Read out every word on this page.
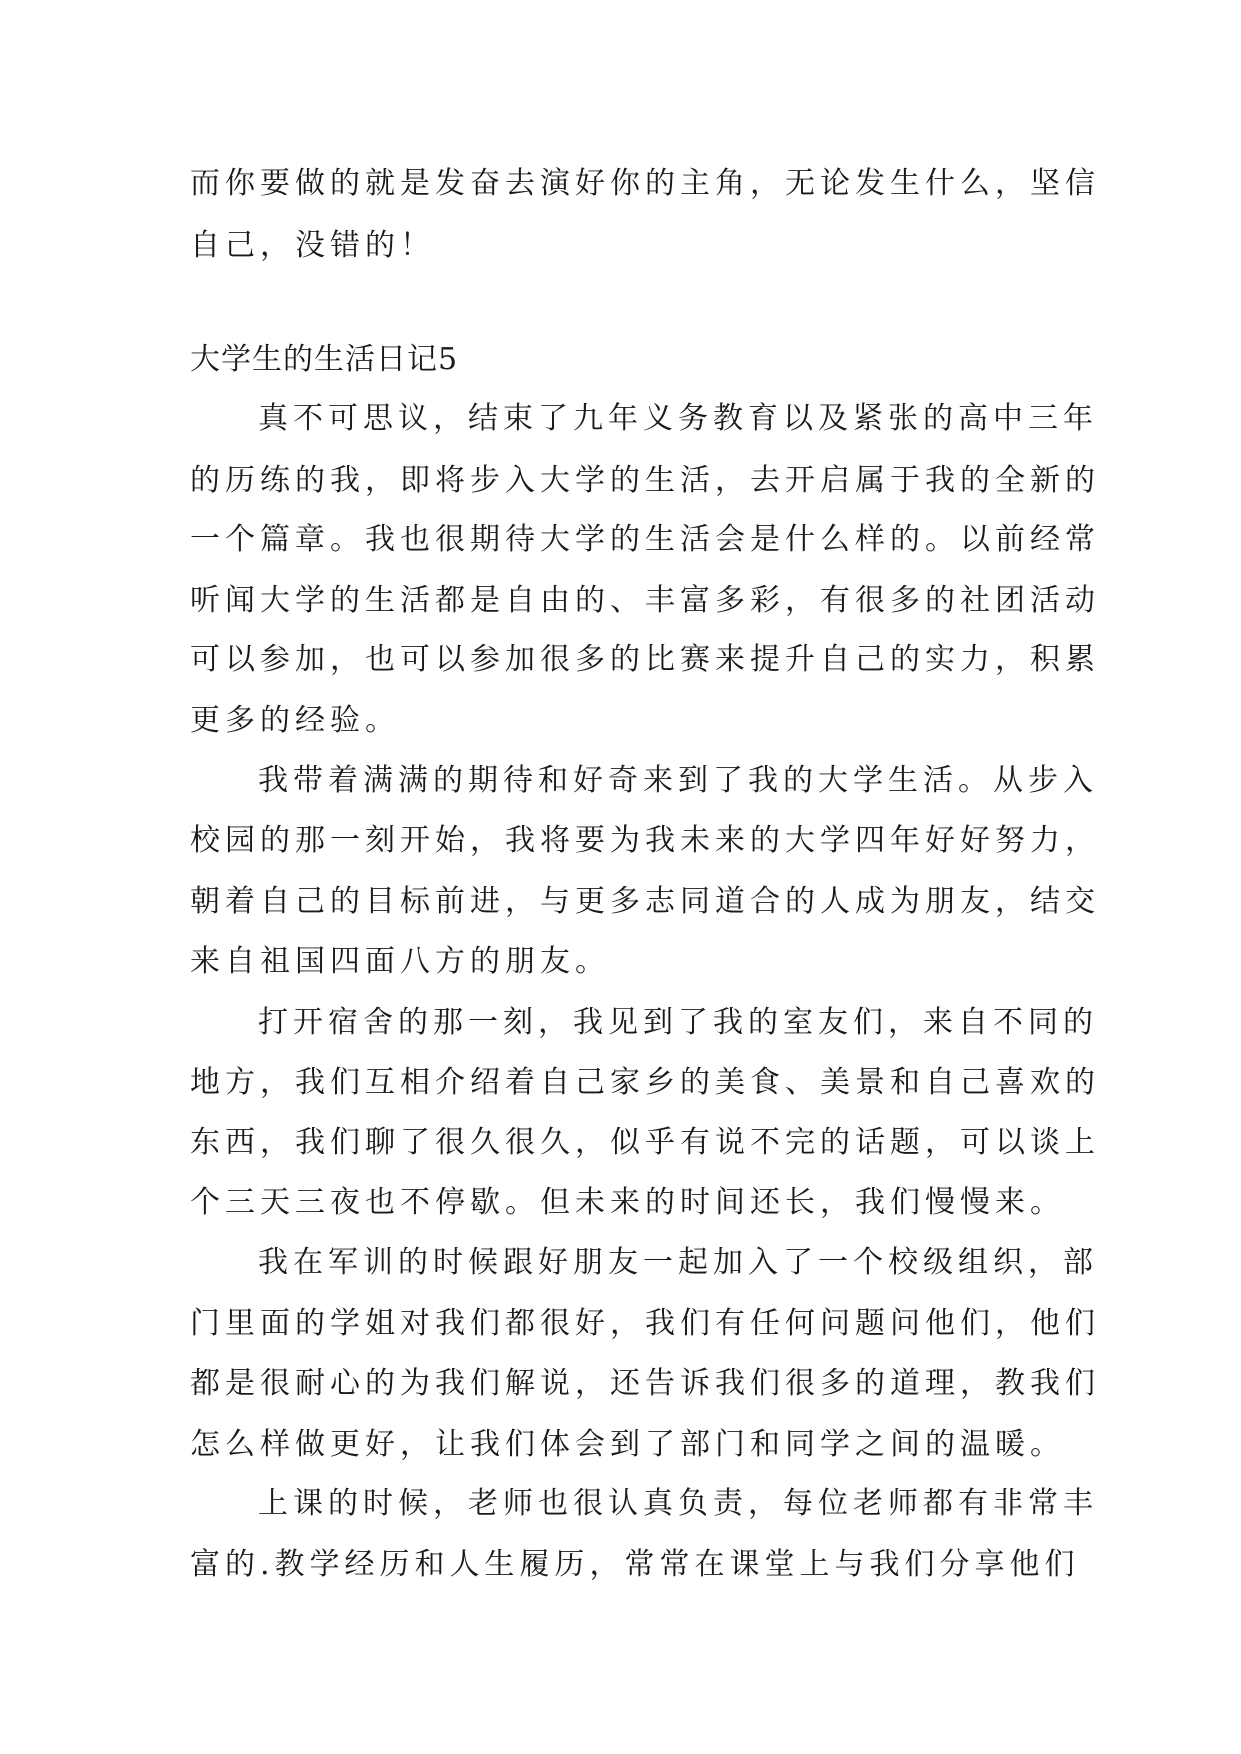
而你要做的就是发奋去演好你的主角，无论发生什么，坚信
自己，没错的！
大学生的生活日记5
真不可思议，结束了九年义务教育以及紧张的高中三年
的历练的我，即将步入大学的生活，去开启属于我的全新的
一个篇章。我也很期待大学的生活会是什么样的。以前经常
听闻大学的生活都是自由的、丰富多彩，有很多的社团活动
可以参加，也可以参加很多的比赛来提升自己的实力，积累
更多的经验。
我带着满满的期待和好奇来到了我的大学生活。从步入
校园的那一刻开始，我将要为我未来的大学四年好好努力，
朝着自己的目标前进，与更多志同道合的人成为朋友，结交
来自祖国四面八方的朋友。
打开宿舍的那一刻，我见到了我的室友们，来自不同的
地方，我们互相介绍着自己家乡的美食、美景和自己喜欢的
东西，我们聊了很久很久，似乎有说不完的话题，可以谈上
个三天三夜也不停歇。但未来的时间还长，我们慢慢来。
我在军训的时候跟好朋友一起加入了一个校级组织，部
门里面的学姐对我们都很好，我们有任何问题问他们，他们
都是很耐心的为我们解说，还告诉我们很多的道理，教我们
怎么样做更好，让我们体会到了部门和同学之间的温暖。
上课的时候，老师也很认真负责，每位老师都有非常丰
富的.教学经历和人生履历，常常在课堂上与我们分享他们
